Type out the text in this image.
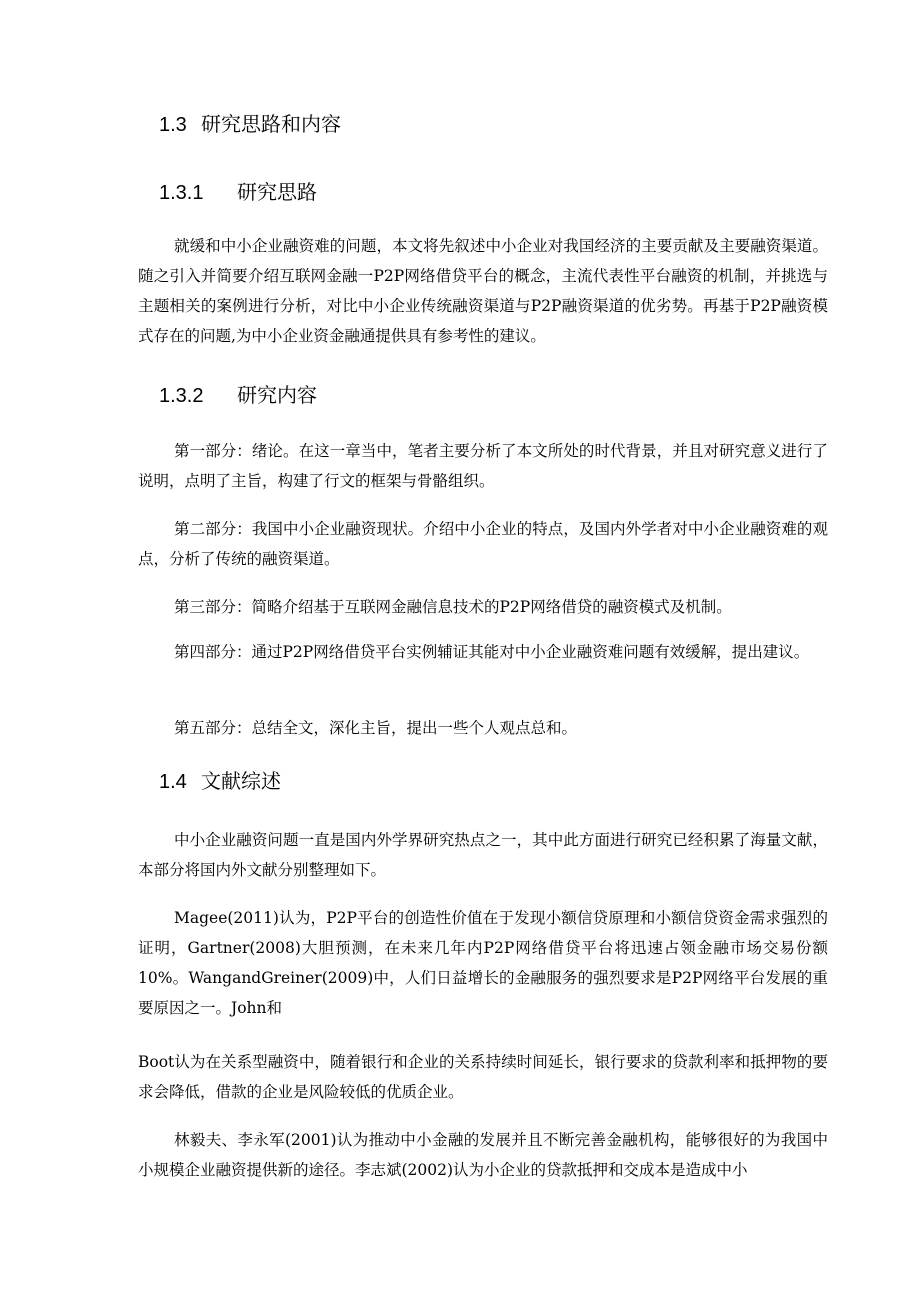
1.3 研究思路和内容
1.3.1 研究思路

就缓和中小企业融资难的问题，本文将先叙述中小企业对我国经济的主要贡献及主要融资渠道。随之引入并简要介绍互联网金融一P2P网络借贷平台的概念，主流代表性平台融资的机制，并挑选与主题相关的案例进行分析，对比中小企业传统融资渠道与P2P融资渠道的优劣势。再基于P2P融资模式存在的问题,为中小企业资金融通提供具有参考性的建议。

1.3.2 研究内容

第一部分：绪论。在这一章当中，笔者主要分析了本文所处的时代背景，并且对研究意义进行了说明，点明了主旨，构建了行文的框架与骨骼组织。

第二部分：我国中小企业融资现状。介绍中小企业的特点，及国内外学者对中小企业融资难的观点，分析了传统的融资渠道。

第三部分：简略介绍基于互联网金融信息技术的P2P网络借贷的融资模式及机制。

第四部分：通过P2P网络借贷平台实例辅证其能对中小企业融资难问题有效缓解，提出建议。

第五部分：总结全文，深化主旨，提出一些个人观点总和。

1.4 文献综述

中小企业融资问题一直是国内外学界研究热点之一，其中此方面进行研究已经积累了海量文献，本部分将国内外文献分别整理如下。

Magee(2011)认为，P2P平台的创造性价值在于发现小额信贷原理和小额信贷资金需求强烈的证明，Gartner(2008)大胆预测，在未来几年内P2P网络借贷平台将迅速占领金融市场交易份额10%。WangandGreiner(2009)中，人们日益增长的金融服务的强烈要求是P2P网络平台发展的重要原因之一。John和

Boot认为在关系型融资中，随着银行和企业的关系持续时间延长，银行要求的贷款利率和抵押物的要求会降低，借款的企业是风险较低的优质企业。

林毅夫、李永军(2001)认为推动中小金融的发展并且不断完善金融机构，能够很好的为我国中小规模企业融资提供新的途径。李志斌(2002)认为小企业的贷款抵押和交成本是造成中小
